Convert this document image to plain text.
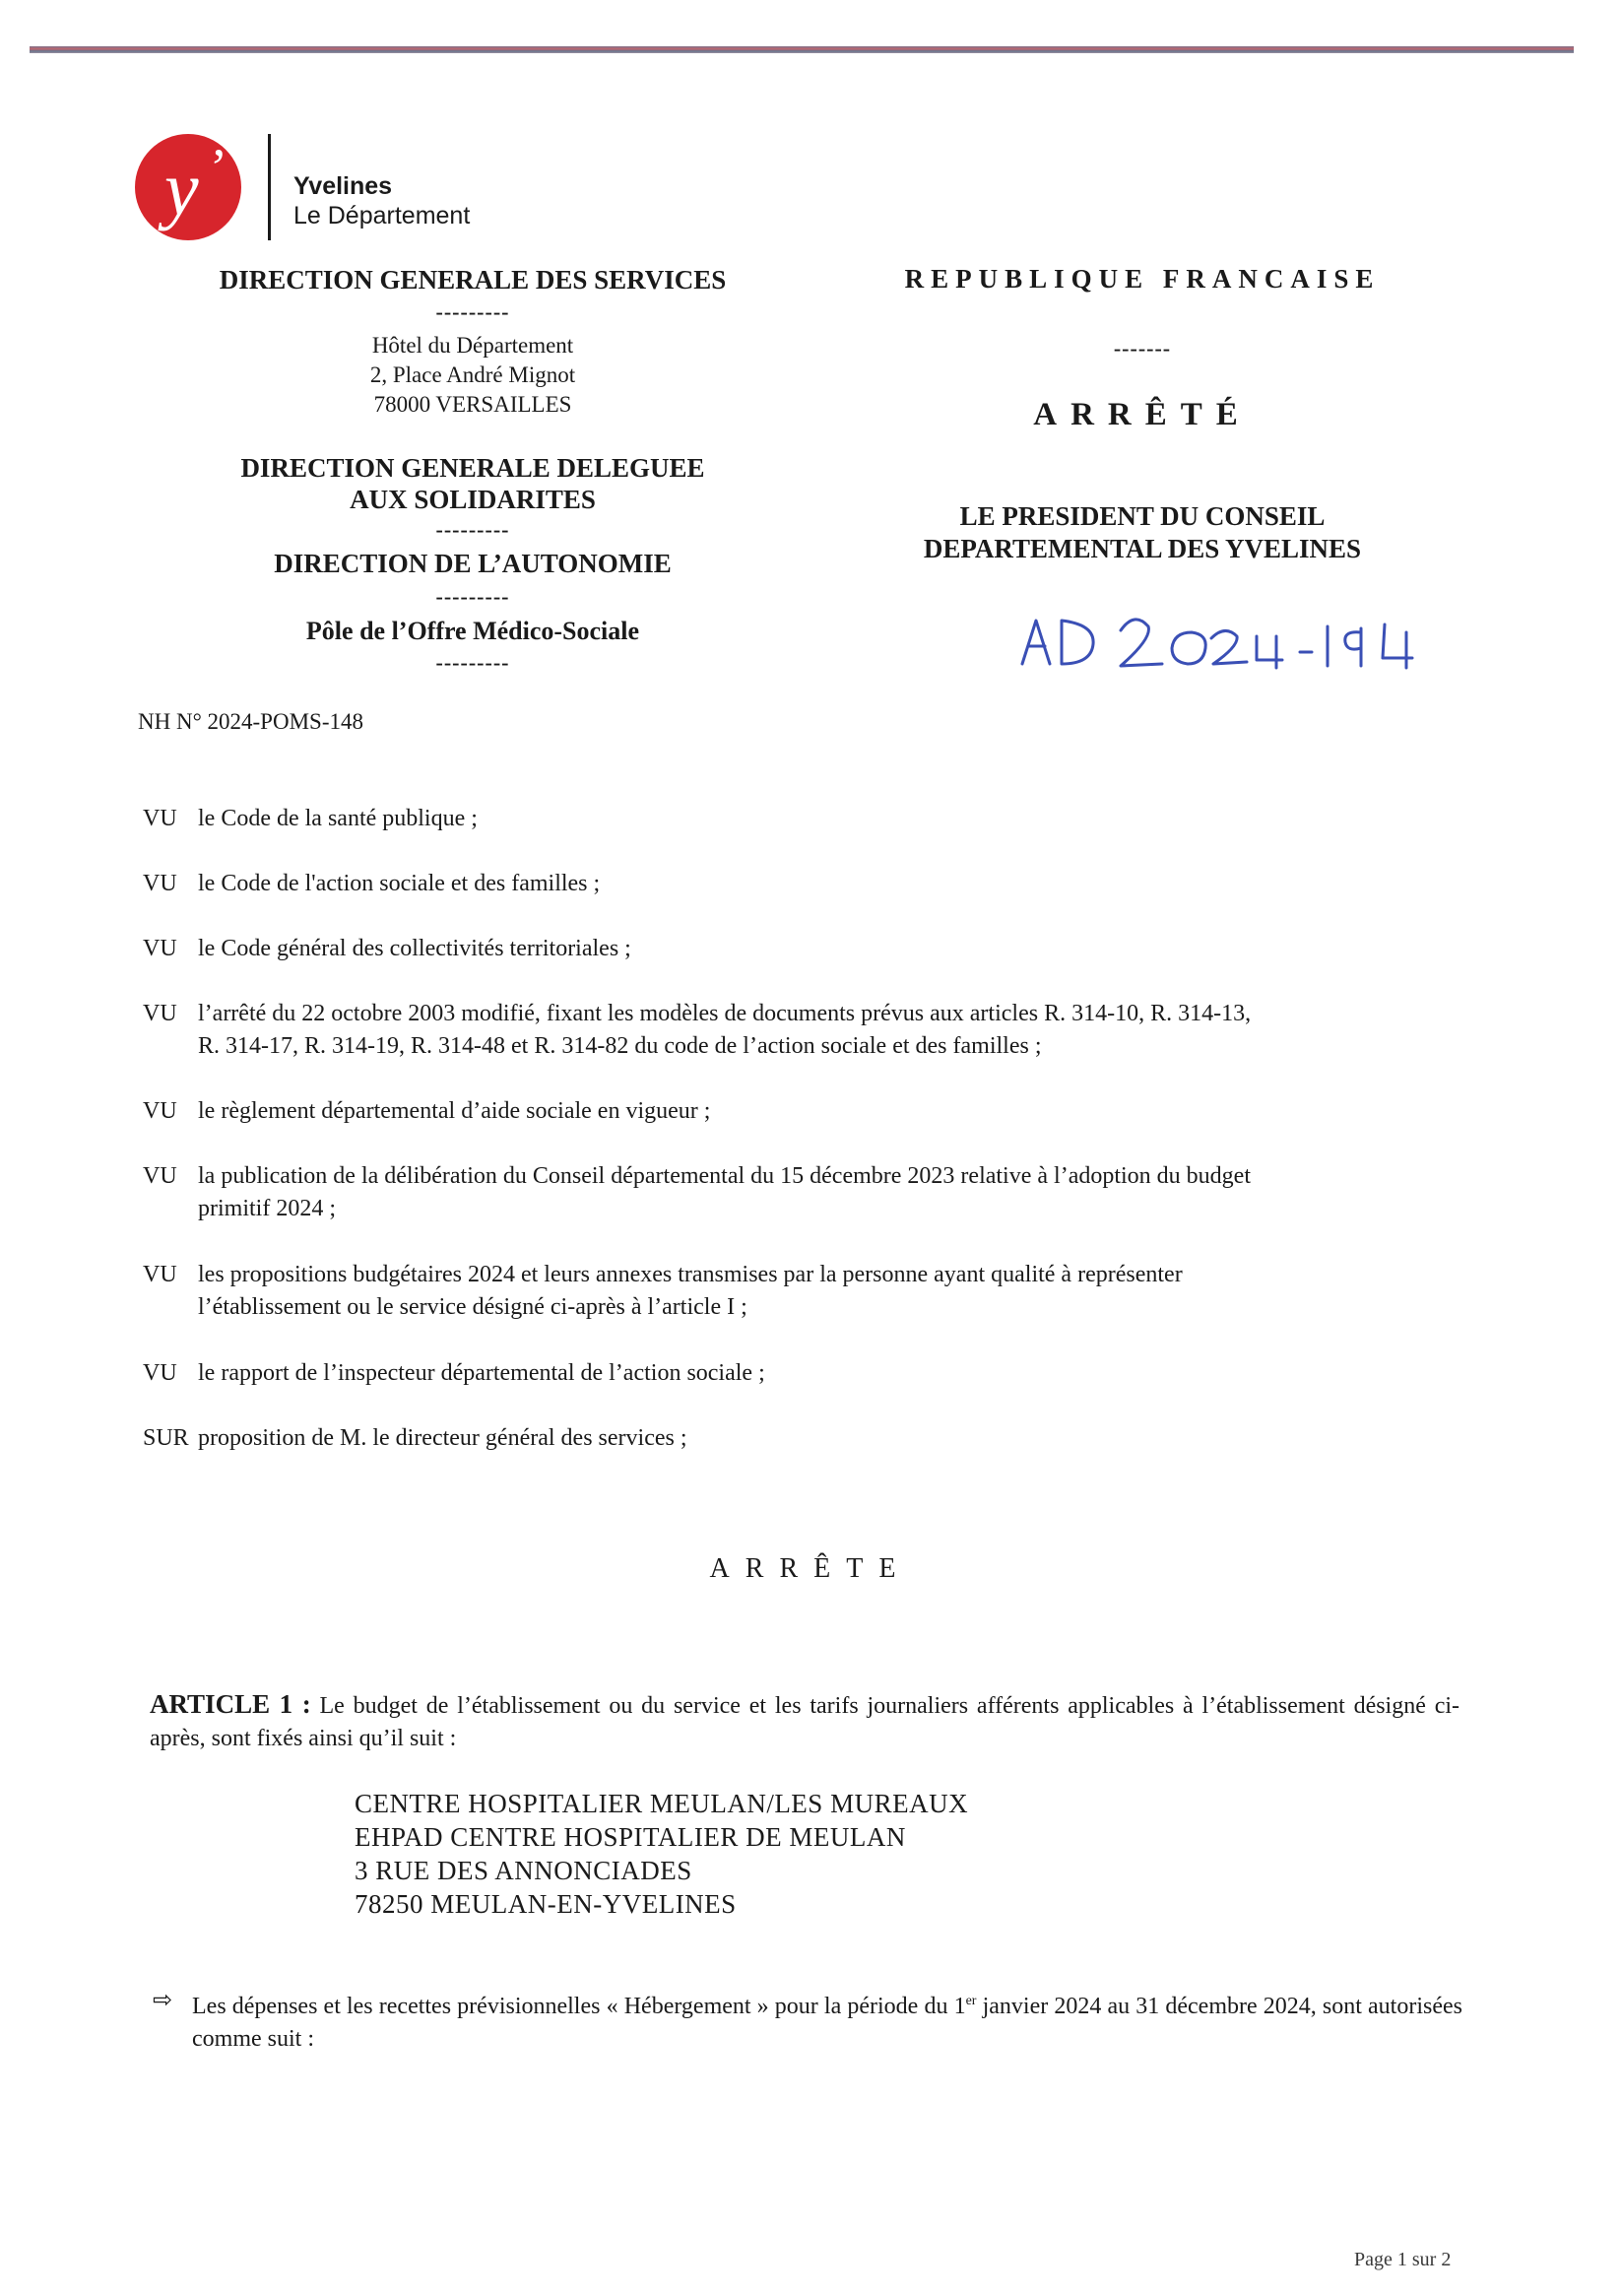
y ’	Yvelines
Le Département
DIRECTION GENERALE DES SERVICES
---------
Hôtel du Département
2, Place André Mignot
78000 VERSAILLES
DIRECTION GENERALE DELEGUEE
AUX SOLIDARITES
---------
DIRECTION DE L’AUTONOMIE
---------
Pôle de l’Offre Médico-Sociale
---------
REPUBLIQUE FRANCAISE
-------
ARRÊTÉ
LE PRESIDENT DU CONSEIL
DEPARTEMENTAL DES YVELINES
NH N° 2024-POMS-148
VU le Code de la santé publique ;
VU le Code de l'action sociale et des familles ;
VU le Code général des collectivités territoriales ;
VU l’arrêté du 22 octobre 2003 modifié, fixant les modèles de documents prévus aux articles R. 314-10, R. 314-13,
R. 314-17, R. 314-19, R. 314-48 et R. 314-82 du code de l’action sociale et des familles ;
VU le règlement départemental d’aide sociale en vigueur ;
VU la publication de la délibération du Conseil départemental du 15 décembre 2023 relative à l’adoption du budget
primitif 2024 ;
VU les propositions budgétaires 2024 et leurs annexes transmises par la personne ayant qualité à représenter
l’établissement ou le service désigné ci-après à l’article I ;
VU le rapport de l’inspecteur départemental de l’action sociale ;
SUR proposition de M. le directeur général des services ;
ARRÊTE
ARTICLE 1 : Le budget de l’établissement ou du service et les tarifs journaliers afférents applicables à l’établissement désigné ci-après, sont fixés ainsi qu’il suit :
CENTRE HOSPITALIER MEULAN/LES MUREAUX
EHPAD CENTRE HOSPITALIER DE MEULAN
3 RUE DES ANNONCIADES
78250 MEULAN-EN-YVELINES
⇨ Les dépenses et les recettes prévisionnelles « Hébergement » pour la période du 1er janvier 2024 au 31 décembre 2024, sont autorisées comme suit :
Page 1 sur 2
